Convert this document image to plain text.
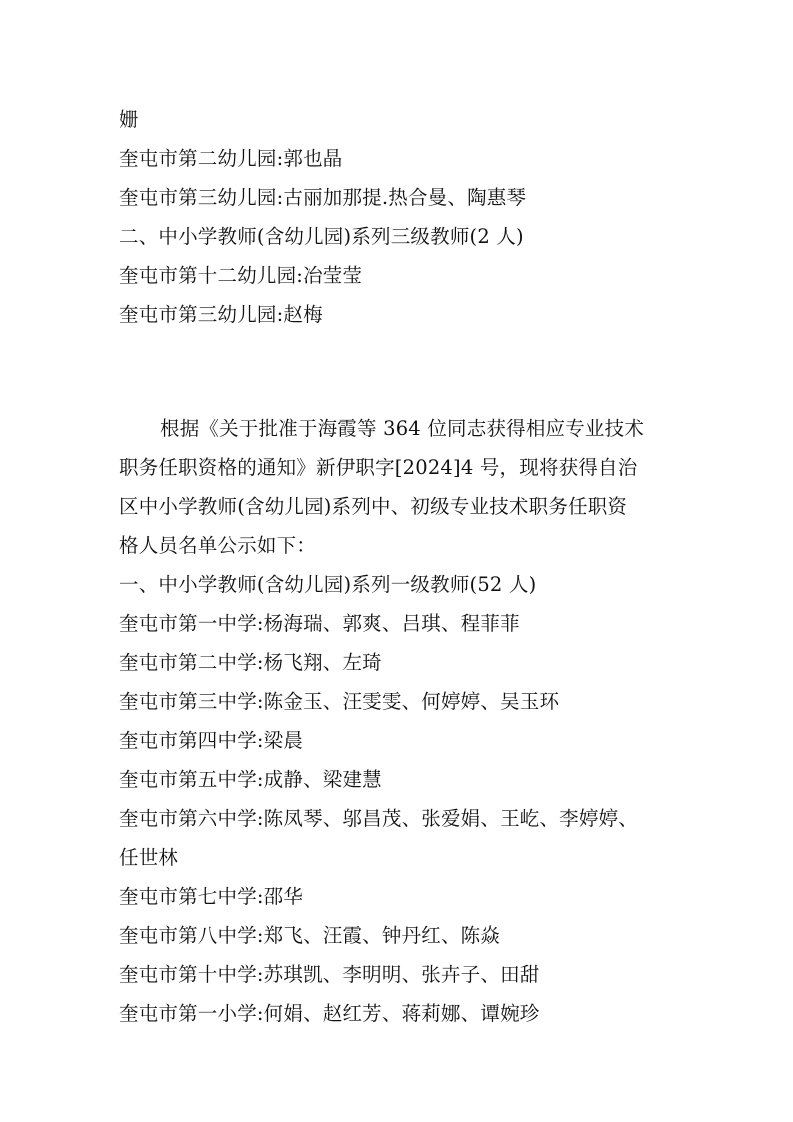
姗
奎屯市第二幼儿园:郭也晶
奎屯市第三幼儿园:古丽加那提.热合曼、陶惠琴
二、中小学教师(含幼儿园)系列三级教师(2 人)
奎屯市第十二幼儿园:冶莹莹
奎屯市第三幼儿园:赵梅
根据《关于批准于海霞等 364 位同志获得相应专业技术
职务任职资格的通知》新伊职字[2024]4 号，现将获得自治
区中小学教师(含幼儿园)系列中、初级专业技术职务任职资
格人员名单公示如下：
一、中小学教师(含幼儿园)系列一级教师(52 人)
奎屯市第一中学:杨海瑞、郭爽、吕琪、程菲菲
奎屯市第二中学:杨飞翔、左琦
奎屯市第三中学:陈金玉、汪雯雯、何婷婷、吴玉环
奎屯市第四中学:梁晨
奎屯市第五中学:成静、梁建慧
奎屯市第六中学:陈凤琴、邬昌茂、张爱娟、王屹、李婷婷、
任世林
奎屯市第七中学:邵华
奎屯市第八中学:郑飞、汪霞、钟丹红、陈焱
奎屯市第十中学:苏琪凯、李明明、张卉子、田甜
奎屯市第一小学:何娟、赵红芳、蒋莉娜、谭婉珍
